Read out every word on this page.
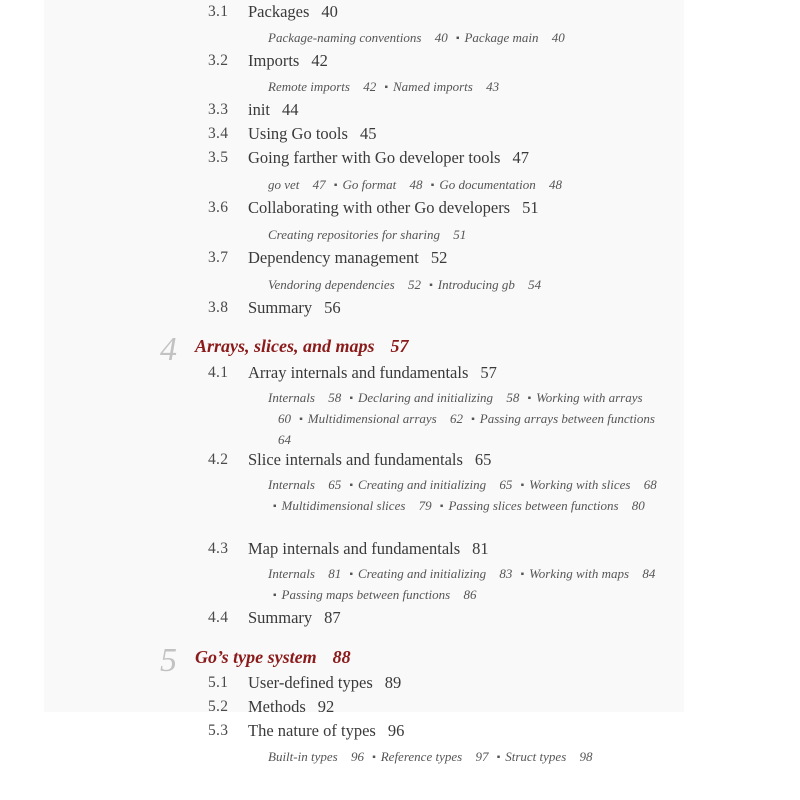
3.1 Packages 40
Package-naming conventions 40 ▪ Package main 40
3.2 Imports 42
Remote imports 42 ▪ Named imports 43
3.3 init 44
3.4 Using Go tools 45
3.5 Going farther with Go developer tools 47
go vet 47 ▪ Go format 48 ▪ Go documentation 48
3.6 Collaborating with other Go developers 51
Creating repositories for sharing 51
3.7 Dependency management 52
Vendoring dependencies 52 ▪ Introducing gb 54
3.8 Summary 56
4 Arrays, slices, and maps 57
4.1 Array internals and fundamentals 57
Internals 58 ▪ Declaring and initializing 58 ▪ Working with arrays 60 ▪ Multidimensional arrays 62 ▪ Passing arrays between functions 64
4.2 Slice internals and fundamentals 65
Internals 65 ▪ Creating and initializing 65 ▪ Working with slices 68 ▪ Multidimensional slices 79 ▪ Passing slices between functions 80
4.3 Map internals and fundamentals 81
Internals 81 ▪ Creating and initializing 83 ▪ Working with maps 84 ▪ Passing maps between functions 86
4.4 Summary 87
5 Go’s type system 88
5.1 User-defined types 89
5.2 Methods 92
5.3 The nature of types 96
Built-in types 96 ▪ Reference types 97 ▪ Struct types 98
